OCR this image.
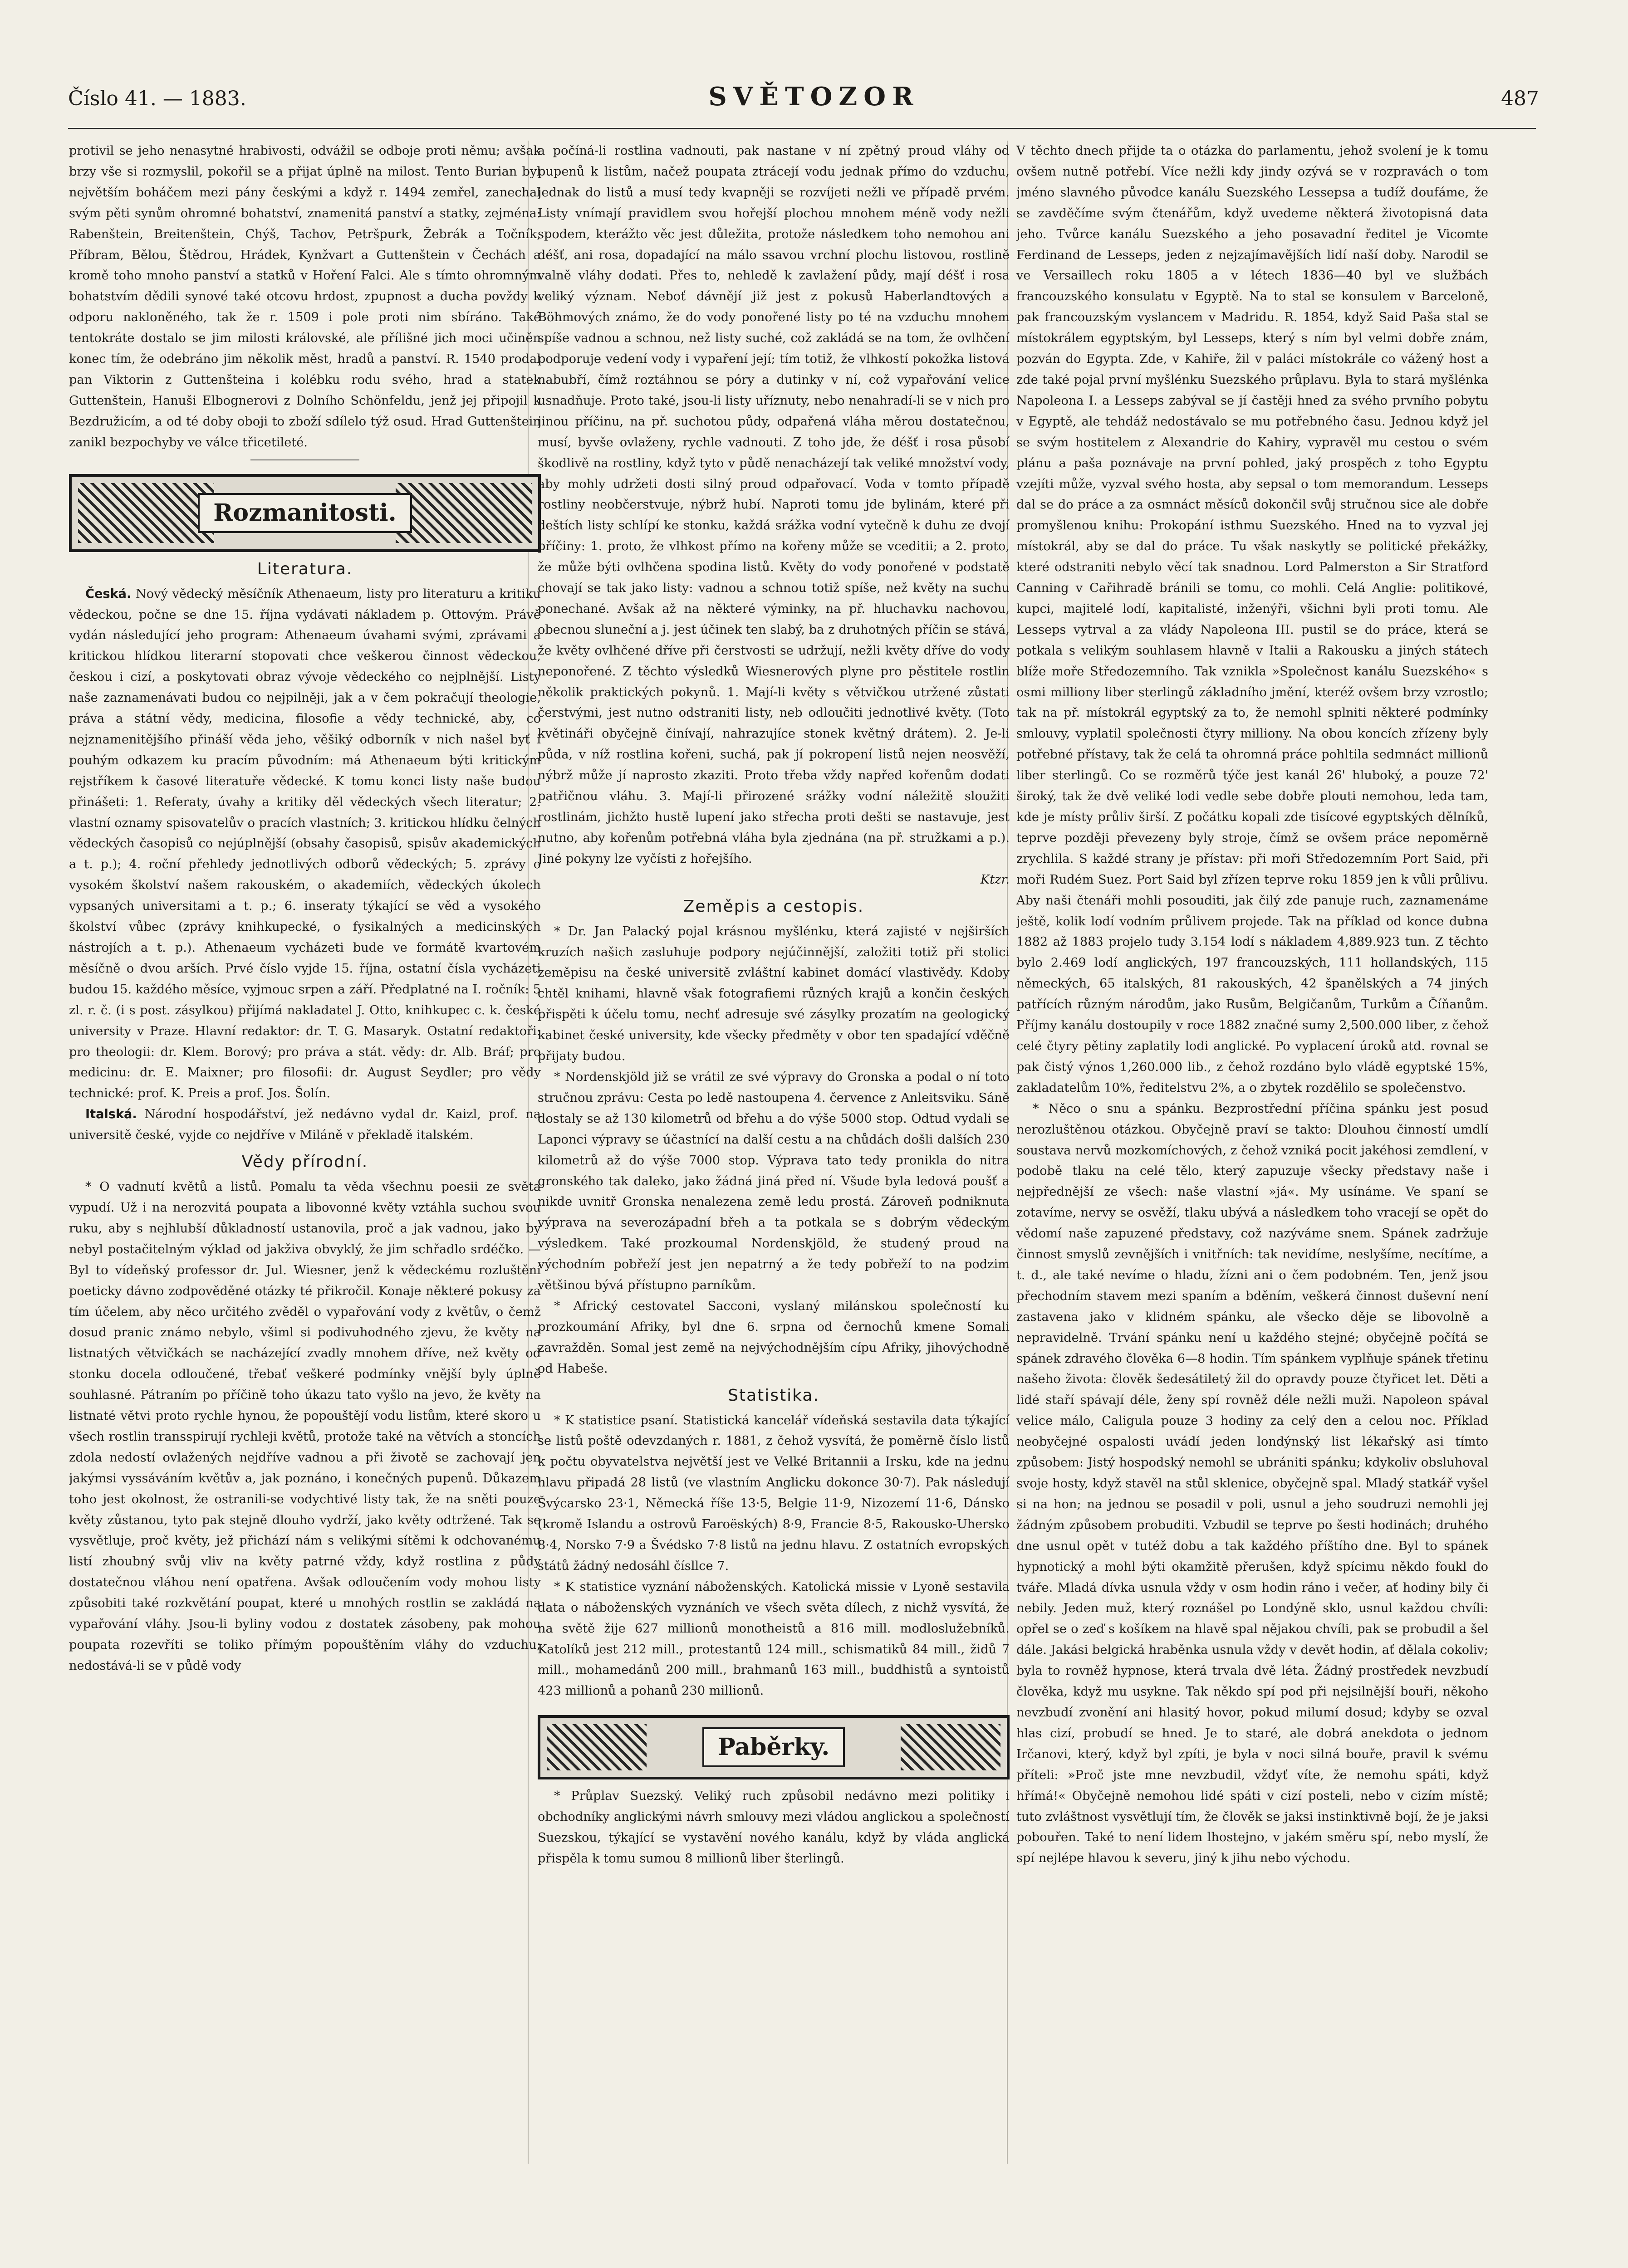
Číslo 41. — 1883.	SVĚTOZOR	487

protivil se jeho nenasytné hrabivosti, odvážil se odboje proti němu; avšak brzy vše si rozmyslil, pokořil se a přijat úplně na milost. Tento Burian byl největším boháčem mezi pány českými a když r. 1494 zemřel, zanechal svým pěti synům ohromné bohatství, znamenitá panství a statky, zejména: Rabenštein, Breitenštein, Chýš, Tachov, Petršpurk, Žebrák a Točník, Příbram, Bělou, Štědrou, Hrádek, Kynžvart a Guttenštein v Čechách a kromě toho mnoho panství a statků v Hoření Falci. Ale s tímto ohromným bohatstvím dědili synové také otcovu hrdost, zpupnost a ducha povždy k odporu nakloněného, tak že r. 1509 i pole proti nim sbíráno. Také tentokráte dostalo se jim milosti královské, ale přílišné jich moci učiněn konec tím, že odebráno jim několik měst, hradů a panství. R. 1540 prodal pan Viktorin z Guttenšteina i kolébku rodu svého, hrad a statek Guttenštein, Hanuši Elbognerovi z Dolního Schönfeldu, jenž jej připojil k Bezdružicím, a od té doby oboji to zboží sdílelo týž osud. Hrad Guttenštein zanikl bezpochyby ve válce třicetileté.

Rozmanitosti.
Literatura.

Česká. Nový vědecký měsíčník Athenaeum, listy pro literaturu a kritiku vědeckou, počne se dne 15. října vydávati nákladem p. Ottovým. Právě vydán následující jeho program: Athenaeum úvahami svými, zprávami a kritickou hlídkou literarní stopovati chce veškerou činnost vědeckou, českou i cizí, a poskytovati obraz vývoje vědeckého co nejplnější. Listy naše zaznamenávati budou co nejpilněji, jak a v čem pokračují theologie, práva a státní vědy, medicina, filosofie a vědy technické, aby, co nejznamenitějšího přináší věda jeho, věšiký odborník v nich našel byť i pouhým odkazem ku pracím původním: má Athenaeum býti kritickým rejstříkem k časové literatuře vědecké. K tomu konci listy naše budou přinášeti: 1. Referaty, úvahy a kritiky děl vědeckých všech literatur; 2. vlastní oznamy spisovatelův o pracích vlastních; 3. kritickou hlídku čelných vědeckých časopisů co nejúplnější (obsahy časopisů, spisův akademických a t. p.); 4. roční přehledy jednotlivých odborů vědeckých; 5. zprávy o vysokém školství našem rakouském, o akademiích, vědeckých úkolech vypsaných universitami a t. p.; 6. inseraty týkající se věd a vysokého školství vůbec (zprávy knihkupecké, o fysikalných a medicinských nástrojích a t. p.). Athenaeum vycházeti bude ve formátě kvartovém měsíčně o dvou arších. Prvé číslo vyjde 15. října, ostatní čísla vycházeti budou 15. každého měsíce, vyjmouc srpen a září. Předplatné na I. ročník: 5 zl. r. č. (i s post. zásylkou) přijímá nakladatel J. Otto, knihkupec c. k. české university v Praze. Hlavní redaktor: dr. T. G. Masaryk. Ostatní redaktoři: pro theologii: dr. Klem. Borový; pro práva a stát. vědy: dr. Alb. Bráf; pro medicinu: dr. E. Maixner; pro filosofii: dr. August Seydler; pro vědy technické: prof. K. Preis a prof. Jos. Šolín.

Italská. Národní hospodářství, jež nedávno vydal dr. Kaizl, prof. na universitě české, vyjde co nejdříve v Miláně v překladě italském.

Vědy přírodní.

* O vadnutí květů a listů. Pomalu ta věda všechnu poesii ze světa vypudí. Už i na nerozvitá poupata a libovonné květy vztáhla suchou svou ruku, aby s nejhlubší důkladností ustanovila, proč a jak vadnou, jako by nebyl postačitelným výklad od jakživa obvyklý, že jim schřadlo srdéčko. — Byl to vídeňský professor dr. Jul. Wiesner, jenž k vědeckému rozluštění poeticky dávno zodpověděné otázky té přikročil. Konaje některé pokusy za tím účelem, aby něco určitého zvěděl o vypařování vody z květův, o čemž dosud pranic známo nebylo, všiml si podivuhodného zjevu, že květy na listnatých větvičkách se nacházející zvadly mnohem dříve, než květy od stonku docela odloučené, třebať veškeré podmínky vnější byly úplně souhlasné. Pátraním po příčině toho úkazu tato vyšlo na jevo, že květy na listnaté větvi proto rychle hynou, že popouštějí vodu listům, které skoro u všech rostlin transspirují rychleji květů, protože také na větvích a stoncích zdola nedostí ovlažených nejdříve vadnou a při životě se zachovají jen jakýmsi vyssáváním květův a, jak poznáno, i konečných pupenů. Důkazem toho jest okolnost, že ostranili-se vodychtivé listy tak, že na sněti pouze květy zůstanou, tyto pak stejně dlouho vydrží, jako květy odtržené. Tak se vysvětluje, proč květy, jež přichází nám s velikými sítěmi k odchovanému listí zhoubný svůj vliv na květy patrné vždy, když rostlina z půdy dostatečnou vláhou není opatřena. Avšak odloučením vody mohou listy způsobiti také rozkvětání poupat, které u mnohých rostlin se zakládá na vypařování vláhy. Jsou-li byliny vodou z dostatek zásobeny, pak mohou poupata rozevříti se toliko přímým popouštěním vláhy do vzduchu; nedostává-li se v půdě vody

a počíná-li rostlina vadnouti, pak nastane v ní zpětný proud vláhy od pupenů k listům, načež poupata ztrácejí vodu jednak přímo do vzduchu, jednak do listů a musí tedy kvapněji se rozvíjeti nežli ve případě prvém. Listy vnímají pravidlem svou hořejší plochou mnohem méně vody nežli spodem, kterážto věc jest důležita, protože následkem toho nemohou ani déšť, ani rosa, dopadající na málo ssavou vrchní plochu listovou, rostlině valně vláhy dodati. Přes to, nehledě k zavlažení půdy, mají déšť i rosa veliký význam. Neboť dávnějí již jest z pokusů Haberlandtových a Böhmových známo, že do vody ponořené listy po té na vzduchu mnohem spíše vadnou a schnou, než listy suché, což zakládá se na tom, že ovlhčení podporuje vedení vody i vypaření její; tím totiž, že vlhkostí pokožka listová nabubří, čímž roztáhnou se póry a dutinky v ní, což vypařování velice usnadňuje. Proto také, jsou-li listy uříznuty, nebo nenahradí-li se v nich pro jinou příčinu, na př. suchotou půdy, odpařená vláha měrou dostatečnou, musí, byvše ovlaženy, rychle vadnouti. Z toho jde, že déšť i rosa působí škodlivě na rostliny, když tyto v půdě nenacházejí tak veliké množství vody, aby mohly udržeti dosti silný proud odpařovací. Voda v tomto případě rostliny neobčerstvuje, nýbrž hubí. Naproti tomu jde bylinám, které při deštích listy schlípí ke stonku, každá srážka vodní vytečně k duhu ze dvojí příčiny: 1. proto, že vlhkost přímo na kořeny může se vceditii; a 2. proto, že může býti ovlhčena spodina listů. Květy do vody ponořené v podstatě chovají se tak jako listy: vadnou a schnou totiž spíše, než květy na suchu ponechané. Avšak až na některé výminky, na př. hluchavku nachovou, obecnou sluneční a j. jest účinek ten slabý, ba z druhotných příčin se stává, že květy ovlhčené dříve při čerstvosti se udržují, nežli květy dříve do vody neponořené. Z těchto výsledků Wiesnerových plyne pro pěstitele rostlin několik praktických pokynů. 1. Mají-li květy s větvičkou utržené zůstati čerstvými, jest nutno odstraniti listy, neb odloučiti jednotlivé květy. (Toto květináři obyčejně činívají, nahrazujíce stonek květný drátem). 2. Je-li půda, v níž rostlina kořeni, suchá, pak jí pokropení listů nejen neosvěží, nýbrž může jí naprosto zkaziti. Proto třeba vždy napřed kořenům dodati patřičnou vláhu. 3. Mají-li přirozené srážky vodní náležitě sloužiti rostlinám, jichžto hustě lupení jako střecha proti dešti se nastavuje, jest nutno, aby kořenům potřebná vláha byla zjednána (na př. stružkami a p.). Jiné pokyny lze vyčísti z hořejšího.

Ktzr.

Zeměpis a cestopis.

* Dr. Jan Palacký pojal krásnou myšlénku, která zajisté v nejširších kruzích našich zasluhuje podpory nejúčinnější, založiti totiž při stolici zeměpisu na české universitě zvláštní kabinet domácí vlastivědy. Kdoby chtěl knihami, hlavně však fotografiemi různých krajů a končin českých přispěti k účelu tomu, nechť adresuje své zásylky prozatím na geologický kabinet české university, kde všecky předměty v obor ten spadající vděčně přijaty budou.

* Nordenskjöld již se vrátil ze své výpravy do Gronska a podal o ní toto stručnou zprávu: Cesta po ledě nastoupena 4. července z Anleitsviku. Sáně dostaly se až 130 kilometrů od břehu a do výše 5000 stop. Odtud vydali se Laponci výpravy se účastnící na další cestu a na chůdách došli dalších 230 kilometrů až do výše 7000 stop. Výprava tato tedy pronikla do nitra gronského tak daleko, jako žádná jiná před ní. Všude byla ledová poušť a nikde uvnitř Gronska nenalezena země ledu prostá. Zároveň podniknuta výprava na severozápadní břeh a ta potkala se s dobrým vědeckým výsledkem. Také prozkoumal Nordenskjöld, že studený proud na východním pobřeží jest jen nepatrný a že tedy pobřeží to na podzim většinou bývá přístupno parníkům.

* Africký cestovatel Sacconi, vyslaný milánskou společností ku prozkoumání Afriky, byl dne 6. srpna od černochů kmene Somali zavražděn. Somal jest země na nejvýchodnějším cípu Afriky, jihovýchodně od Habeše.

Statistika.

* K statistice psaní. Statistická kancelář vídeňská sestavila data týkající se listů poště odevzdaných r. 1881, z čehož vysvítá, že poměrně číslo listů k počtu obyvatelstva největší jest ve Velké Britannii a Irsku, kde na jednu hlavu připadá 28 listů (ve vlastním Anglicku dokonce 30·7). Pak následují Švýcarsko 23·1, Německá říše 13·5, Belgie 11·9, Nizozemí 11·6, Dánsko (kromě Islandu a ostrovů Faroëských) 8·9, Francie 8·5, Rakousko-Uhersko 8·4, Norsko 7·9 a Švédsko 7·8 listů na jednu hlavu. Z ostatních evropských států žádný nedosáhl čísllce 7.

* K statistice vyznání náboženských. Katolická missie v Lyoně sestavila data o náboženských vyznáních ve všech světa dílech, z nichž vysvítá, že na světě žije 627 millionů monotheistů a 816 mill. modloslužebníků. Katolíků jest 212 mill., protestantů 124 mill., schismatiků 84 mill., židů 7 mill., mohamedánů 200 mill., brahmanů 163 mill., buddhistů a syntoistů 423 millionů a pohanů 230 millionů.

Paběrky.

* Průplav Suezský. Veliký ruch způsobil nedávno mezi politiky i obchodníky anglickými návrh smlouvy mezi vládou anglickou a společností Suezskou, týkající se vystavění nového kanálu, když by vláda anglická přispěla k tomu sumou 8 millionů liber šterlingů.

V těchto dnech přijde ta o otázka do parlamentu, jehož svolení je k tomu ovšem nutně potřebí. Více nežli kdy jindy ozývá se v rozpravách o tom jméno slavného původce kanálu Suezského Lessepsa a tudíž doufáme, že se zavděčíme svým čtenářům, když uvedeme některá životopisná data jeho. Tvůrce kanálu Suezského a jeho posavadní ředitel je Vicomte Ferdinand de Lesseps, jeden z nejzajímavějších lidí naší doby. Narodil se ve Versaillech roku 1805 a v létech 1836—40 byl ve službách francouzského konsulatu v Egyptě. Na to stal se konsulem v Barceloně, pak francouzským vyslancem v Madridu. R. 1854, když Said Paša stal se místokrálem egyptským, byl Lesseps, který s ním byl velmi dobře znám, pozván do Egypta. Zde, v Kahiře, žil v paláci místokrále co vážený host a zde také pojal první myšlénku Suezského průplavu. Byla to stará myšlénka Napoleona I. a Lesseps zabýval se jí častěji hned za svého prvního pobytu v Egyptě, ale tehdáž nedostávalo se mu potřebného času. Jednou když jel se svým hostitelem z Alexandrie do Kahiry, vypravěl mu cestou o svém plánu a paša poznávaje na první pohled, jaký prospěch z toho Egyptu vzejíti může, vyzval svého hosta, aby sepsal o tom memorandum. Lesseps dal se do práce a za osmnáct měsíců dokončil svůj stručnou sice ale dobře promyšlenou knihu: Prokopání isthmu Suezského. Hned na to vyzval jej místokrál, aby se dal do práce. Tu však naskytly se politické překážky, které odstraniti nebylo věcí tak snadnou. Lord Palmerston a Sir Stratford Canning v Cařihradě bránili se tomu, co mohli. Celá Anglie: politikové, kupci, majitelé lodí, kapitalisté, inženýři, všichni byli proti tomu. Ale Lesseps vytrval a za vlády Napoleona III. pustil se do práce, která se potkala s velikým souhlasem hlavně v Italii a Rakousku a jiných státech blíže moře Středozemního. Tak vznikla »Společnost kanálu Suezského« s osmi milliony liber sterlingů základního jmění, kteréž ovšem brzy vzrostlo; tak na př. místokrál egyptský za to, že nemohl splniti některé podmínky smlouvy, vyplatil společnosti čtyry milliony. Na obou koncích zřízeny byly potřebné přístavy, tak že celá ta ohromná práce pohltila sedmnáct millionů liber sterlingů. Co se rozměrů týče jest kanál 26' hluboký, a pouze 72' široký, tak že dvě veliké lodi vedle sebe dobře plouti nemohou, leda tam, kde je místy průliv širší. Z počátku kopali zde tisícové egyptských dělníků, teprve později převezeny byly stroje, čímž se ovšem práce nepoměrně zrychlila. S každé strany je přístav: při moři Středozemním Port Said, při moři Rudém Suez. Port Said byl zřízen teprve roku 1859 jen k vůli průlivu. Aby naši čtenáři mohli posouditi, jak čilý zde panuje ruch, zaznamenáme ještě, kolik lodí vodním průlivem projede. Tak na příklad od konce dubna 1882 až 1883 projelo tudy 3.154 lodí s nákladem 4,889.923 tun. Z těchto bylo 2.469 lodí anglických, 197 francouzských, 111 hollandských, 115 německých, 65 italských, 81 rakouských, 42 španělských a 74 jiných patřících různým národům, jako Rusům, Belgičanům, Turkům a Číňanům. Příjmy kanálu dostoupily v roce 1882 značné sumy 2,500.000 liber, z čehož celé čtyry pětiny zaplatily lodi anglické. Po vyplacení úroků atd. rovnal se pak čistý výnos 1,260.000 lib., z čehož rozdáno bylo vládě egyptské 15%, zakladatelům 10%, ředitelstvu 2%, a o zbytek rozdělilo se společenstvo.

* Něco o snu a spánku. Bezprostřední příčina spánku jest posud nerozluštěnou otázkou. Obyčejně praví se takto: Dlouhou činností umdlí soustava nervů mozkomíchových, z čehož vzniká pocit jakéhosi zemdlení, v podobě tlaku na celé tělo, který zapuzuje všecky představy naše i nejpřednější ze všech: naše vlastní »já«. My usínáme. Ve spaní se zotavíme, nervy se osvěží, tlaku ubývá a následkem toho vracejí se opět do vědomí naše zapuzené představy, což nazýváme snem. Spánek zadržuje činnost smyslů zevnějších i vnitřních: tak nevidíme, neslyšíme, necítíme, a t. d., ale také nevíme o hladu, žízni ani o čem podobném. Ten, jenž jsou přechodním stavem mezi spaním a bděním, veškerá činnost duševní není zastavena jako v klidném spánku, ale všecko děje se libovolně a nepravidelně. Trvání spánku není u každého stejné; obyčejně počítá se spánek zdravého člověka 6—8 hodin. Tím spánkem vyplňuje spánek třetinu našeho života: člověk šedesátiletý žil do opravdy pouze čtyřicet let. Děti a lidé staří spávají déle, ženy spí rovněž déle nežli muži. Napoleon spával velice málo, Caligula pouze 3 hodiny za celý den a celou noc. Příklad neobyčejné ospalosti uvádí jeden londýnský list lékařský asi tímto způsobem: Jistý hospodský nemohl se ubrániti spánku; kdykoliv obsluhoval svoje hosty, když stavěl na stůl sklenice, obyčejně spal. Mladý statkář vyšel si na hon; na jednou se posadil v poli, usnul a jeho soudruzi nemohli jej žádným způsobem probuditi. Vzbudil se teprve po šesti hodinách; druhého dne usnul opět v tutéž dobu a tak každého příštího dne. Byl to spánek hypnotický a mohl býti okamžitě přerušen, když spícimu někdo foukl do tváře. Mladá dívka usnula vždy v osm hodin ráno i večer, ať hodiny bily či nebily. Jeden muž, který roznášel po Londýně sklo, usnul každou chvíli: opřel se o zeď s košíkem na hlavě spal nějakou chvíli, pak se probudil a šel dále. Jakási belgická hraběnka usnula vždy v devět hodin, ať dělala cokoliv; byla to rovněž hypnose, která trvala dvě léta. Žádný prostředek nevzbudí člověka, když mu usykne. Tak někdo spí pod při nejsilnější bouři, někoho nevzbudí zvonění ani hlasitý hovor, pokud milumí dosud; kdyby se ozval hlas cizí, probudí se hned. Je to staré, ale dobrá anekdota o jednom Irčanovi, který, když byl zpíti, je byla v noci silná bouře, pravil k svému příteli: »Proč jste mne nevzbudil, vždyť víte, že nemohu spáti, když hřímá!« Obyčejně nemohou lidé spáti v cizí posteli, nebo v cizím místě; tuto zvláštnost vysvětlují tím, že člověk se jaksi instinktivně bojí, že je jaksi pobouřen. Také to není lidem lhostejno, v jakém směru spí, nebo myslí, že spí nejlépe hlavou k severu, jiný k jihu nebo východu.
